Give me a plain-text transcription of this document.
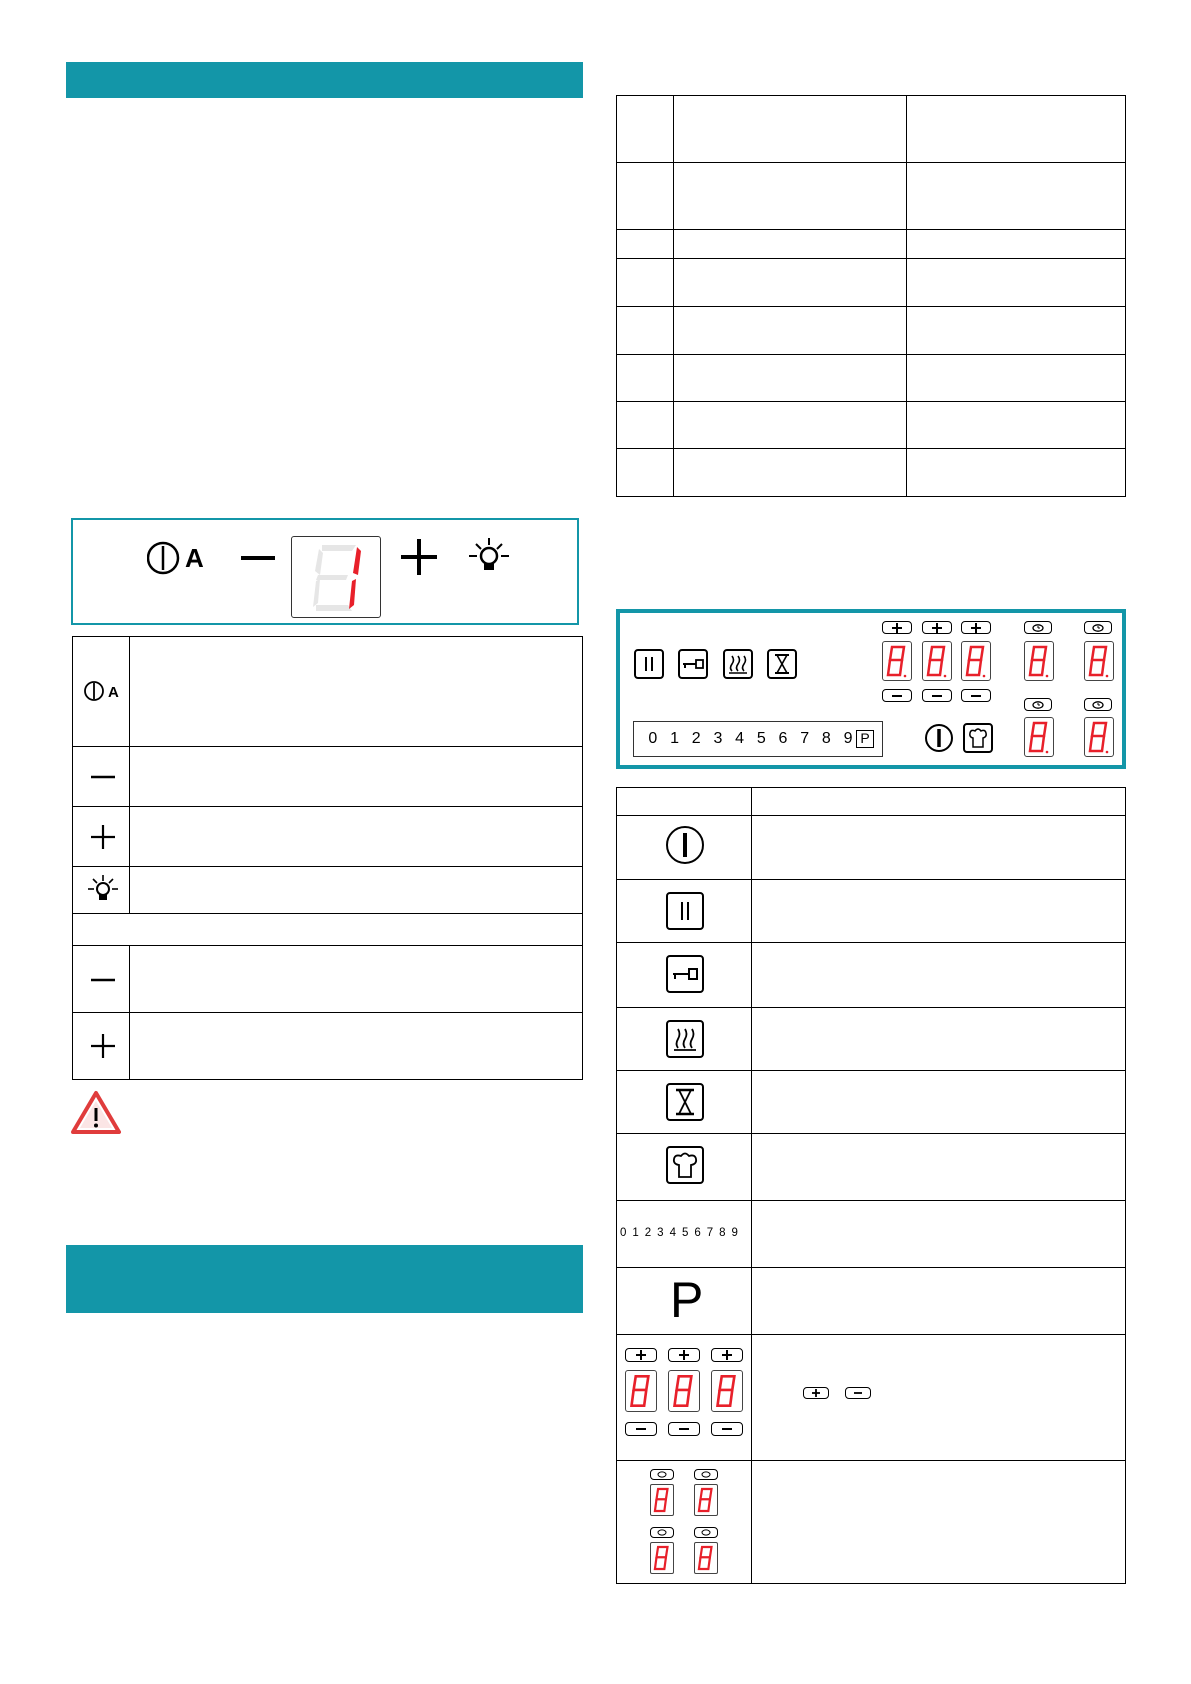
A
A
0 1 2 3 4 5 6 7 8 9 P
0 1 2 3 4 5 6 7 8 9
P
